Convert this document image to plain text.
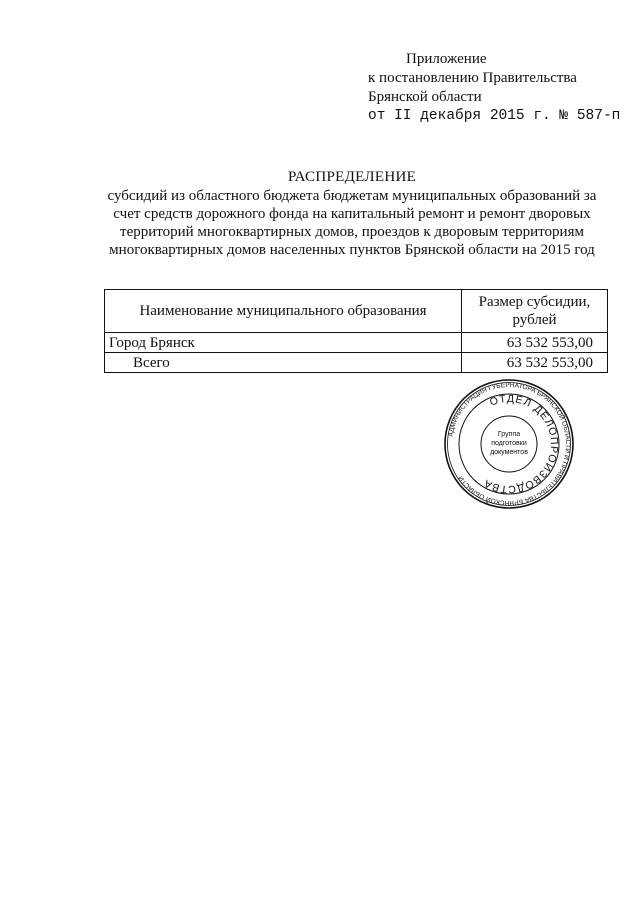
Приложение
к постановлению Правительства
Брянской области
от II декабря 2015 г. № 587-п
РАСПРЕДЕЛЕНИЕ
субсидий из областного бюджета бюджетам муниципальных образований за счет средств дорожного фонда на капитальный ремонт и ремонт дворовых территорий многоквартирных домов, проездов к дворовым территориям многоквартирных домов населенных пунктов Брянской области на 2015 год
Наименование муниципального образования	Размер субсидии, рублей
Город Брянск	63 532 553,00
Всего	63 532 553,00
АДМИНИСТРАЦИЯ ГУБЕРНАТОРА БРЯНСКОЙ ОБЛАСТИ И ПРАВИТЕЛЬСТВА БРЯНСКОЙ ОБЛАСТИ
ОТДЕЛ ДЕЛОПРОИЗВОДСТВА
Группа
подготовки
документов
